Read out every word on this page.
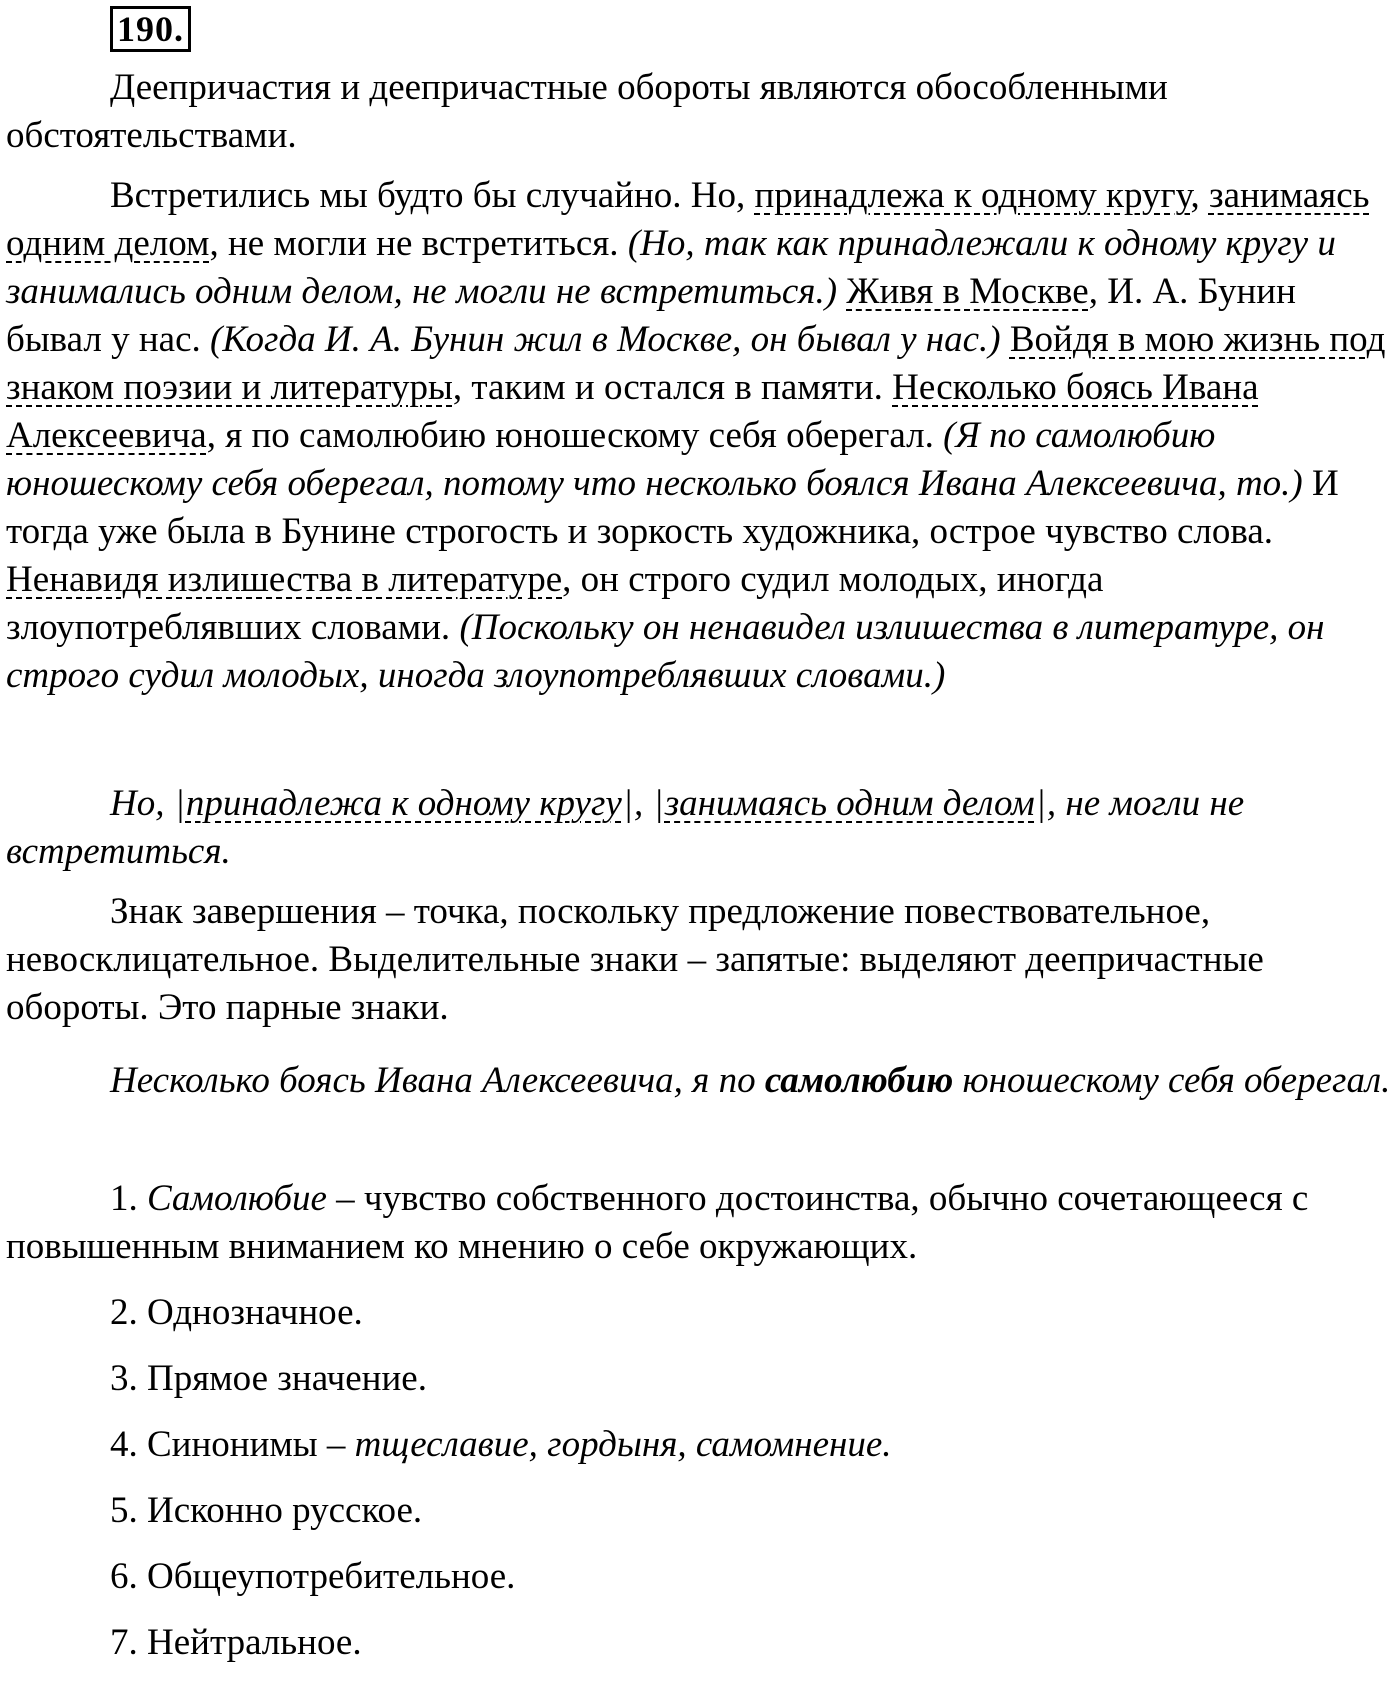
190.

Деепричастия и деепричастные обороты являются обособленными обстоятельствами.

Встретились мы будто бы случайно. Но, принадлежа к одному кругу, занимаясь одним делом, не могли не встретиться. (Но, так как принадлежали к одному кругу и занимались одним делом, не могли не встретиться.) Живя в Москве, И. А. Бунин бывал у нас. (Когда И. А. Бунин жил в Москве, он бывал у нас.) Войдя в мою жизнь под знаком поэзии и литературы, таким и остался в памяти. Несколько боясь Ивана Алексеевича, я по самолюбию юношескому себя оберегал. (Я по самолюбию юношескому себя оберегал, потому что несколько боялся Ивана Алексеевича, то.) И тогда уже была в Бунине строгость и зоркость художника, острое чувство слова. Ненавидя излишества в литературе, он строго судил молодых, иногда злоупотреблявших словами. (Поскольку он ненавидел излишества в литературе, он строго судил молодых, иногда злоупотреблявших словами.)

Но, |принадлежа к одному кругу|, |занимаясь одним делом|, не могли не встретиться.

Знак завершения – точка, поскольку предложение повествовательное, невосклицательное. Выделительные знаки – запятые: выделяют деепричастные обороты. Это парные знаки.

Несколько боясь Ивана Алексеевича, я по самолюбию юношескому себя оберегал.

1. Самолюбие – чувство собственного достоинства, обычно сочетающееся с повышенным вниманием ко мнению о себе окружающих.

2. Однозначное.

3. Прямое значение.

4. Синонимы – тщеславие, гордыня, самомнение.

5. Исконно русское.

6. Общеупотребительное.

7. Нейтральное.
